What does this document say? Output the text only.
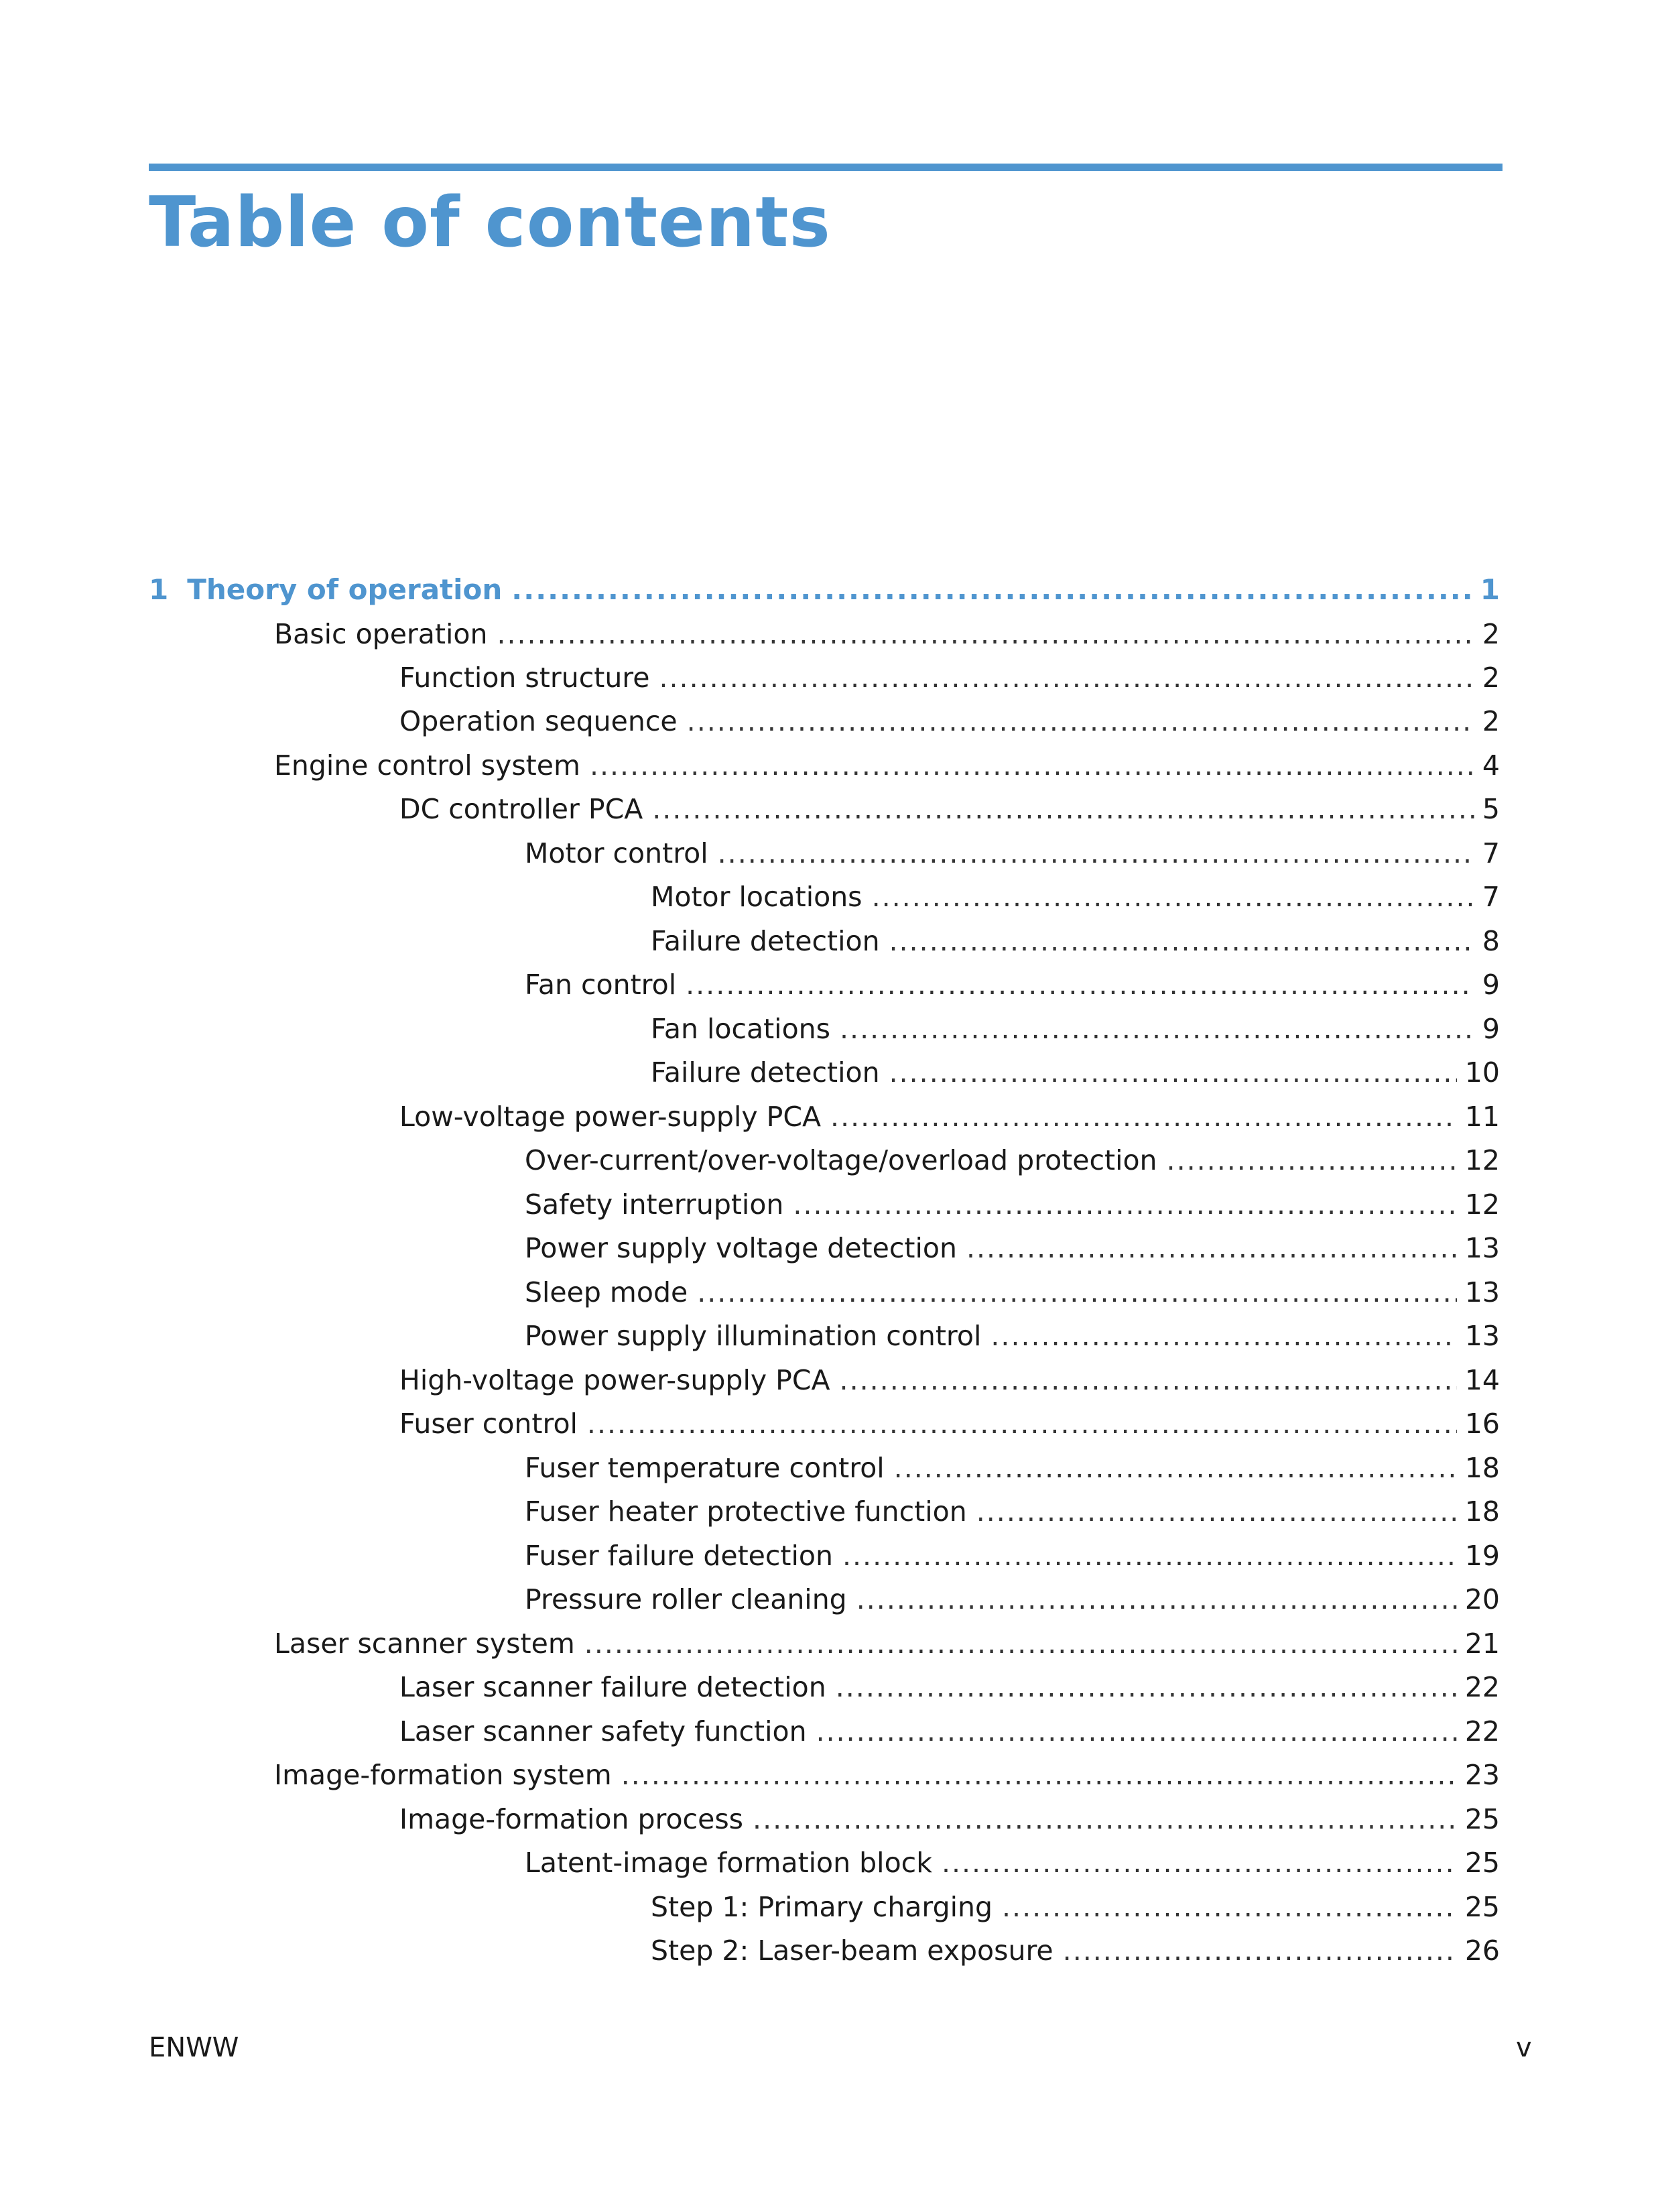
Table of contents
1 Theory of operation .....	1
Basic operation .....	2
Function structure .....	2
Operation sequence .....	2
Engine control system .....	4
DC controller PCA .....	5
Motor control .....	7
Motor locations .....	7
Failure detection .....	8
Fan control .....	9
Fan locations .....	9
Failure detection .....	10
Low-voltage power-supply PCA .....	11
Over-current/over-voltage/overload protection .....	12
Safety interruption .....	12
Power supply voltage detection .....	13
Sleep mode .....	13
Power supply illumination control .....	13
High-voltage power-supply PCA .....	14
Fuser control .....	16
Fuser temperature control .....	18
Fuser heater protective function .....	18
Fuser failure detection .....	19
Pressure roller cleaning .....	20
Laser scanner system .....	21
Laser scanner failure detection .....	22
Laser scanner safety function .....	22
Image-formation system .....	23
Image-formation process .....	25
Latent-image formation block .....	25
Step 1: Primary charging .....	25
Step 2: Laser-beam exposure .....	26
ENWW	v
